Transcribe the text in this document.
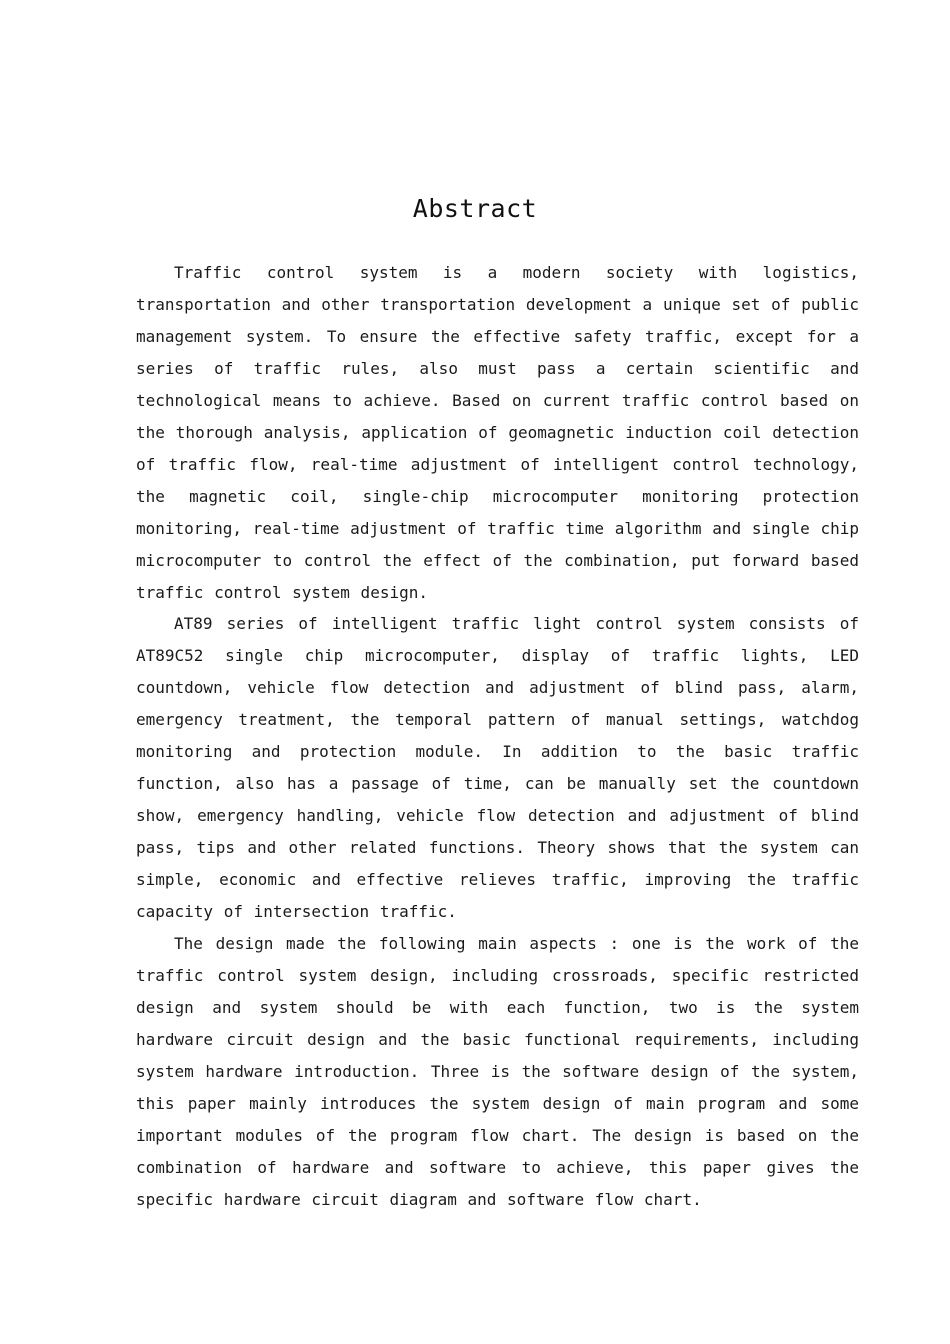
Abstract

Traffic control system is a modern society with logistics, transportation and other transportation development a unique set of public management system. To ensure the effective safety traffic, except for a series of traffic rules, also must pass a certain scientific and technological means to achieve. Based on current traffic control based on the thorough analysis, application of geomagnetic induction coil detection of traffic flow, real-time adjustment of intelligent control technology, the magnetic coil, single-chip microcomputer monitoring protection monitoring, real-time adjustment of traffic time algorithm and single chip microcomputer to control the effect of the combination, put forward based traffic control system design.

AT89 series of intelligent traffic light control system consists of AT89C52 single chip microcomputer, display of traffic lights, LED countdown, vehicle flow detection and adjustment of blind pass, alarm, emergency treatment, the temporal pattern of manual settings, watchdog monitoring and protection module. In addition to the basic traffic function, also has a passage of time, can be manually set the countdown show, emergency handling, vehicle flow detection and adjustment of blind pass, tips and other related functions. Theory shows that the system can simple, economic and effective relieves traffic, improving the traffic capacity of intersection traffic.

The design made the following main aspects : one is the work of the traffic control system design, including crossroads, specific restricted design and system should be with each function, two is the system hardware circuit design and the basic functional requirements, including system hardware introduction. Three is the software design of the system, this paper mainly introduces the system design of main program and some important modules of the program flow chart. The design is based on the combination of hardware and software to achieve, this paper gives the specific hardware circuit diagram and software flow chart.
